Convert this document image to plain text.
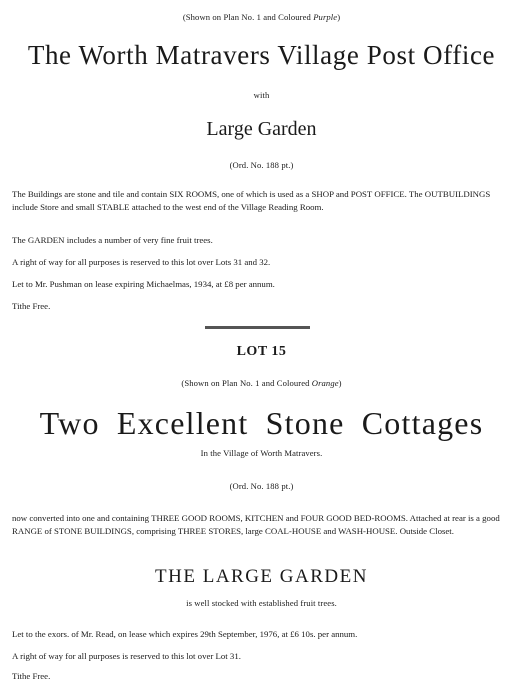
(Shown on Plan No. 1 and Coloured Purple)
The Worth Matravers Village Post Office
with
Large Garden
(Ord. No. 188 pt.)

The Buildings are stone and tile and contain SIX ROOMS, one of which is used as a SHOP and POST OFFICE. The OUTBUILDINGS include Store and small STABLE attached to the west end of the Village Reading Room.

The GARDEN includes a number of very fine fruit trees.

A right of way for all purposes is reserved to this lot over Lots 31 and 32.

Let to Mr. Pushman on lease expiring Michaelmas, 1934, at £8 per annum.

Tithe Free.

LOT 15
(Shown on Plan No. 1 and Coloured Orange)
Two Excellent Stone Cottages
In the Village of Worth Matravers.
(Ord. No. 188 pt.)

now converted into one and containing THREE GOOD ROOMS, KITCHEN and FOUR GOOD BED-ROOMS. Attached at rear is a good RANGE of STONE BUILDINGS, comprising THREE STORES, large COAL-HOUSE and WASH-HOUSE. Outside Closet.

THE LARGE GARDEN
is well stocked with established fruit trees.

Let to the exors. of Mr. Read, on lease which expires 29th September, 1976, at £6 10s. per annum.

A right of way for all purposes is reserved to this lot over Lot 31.

Tithe Free.
